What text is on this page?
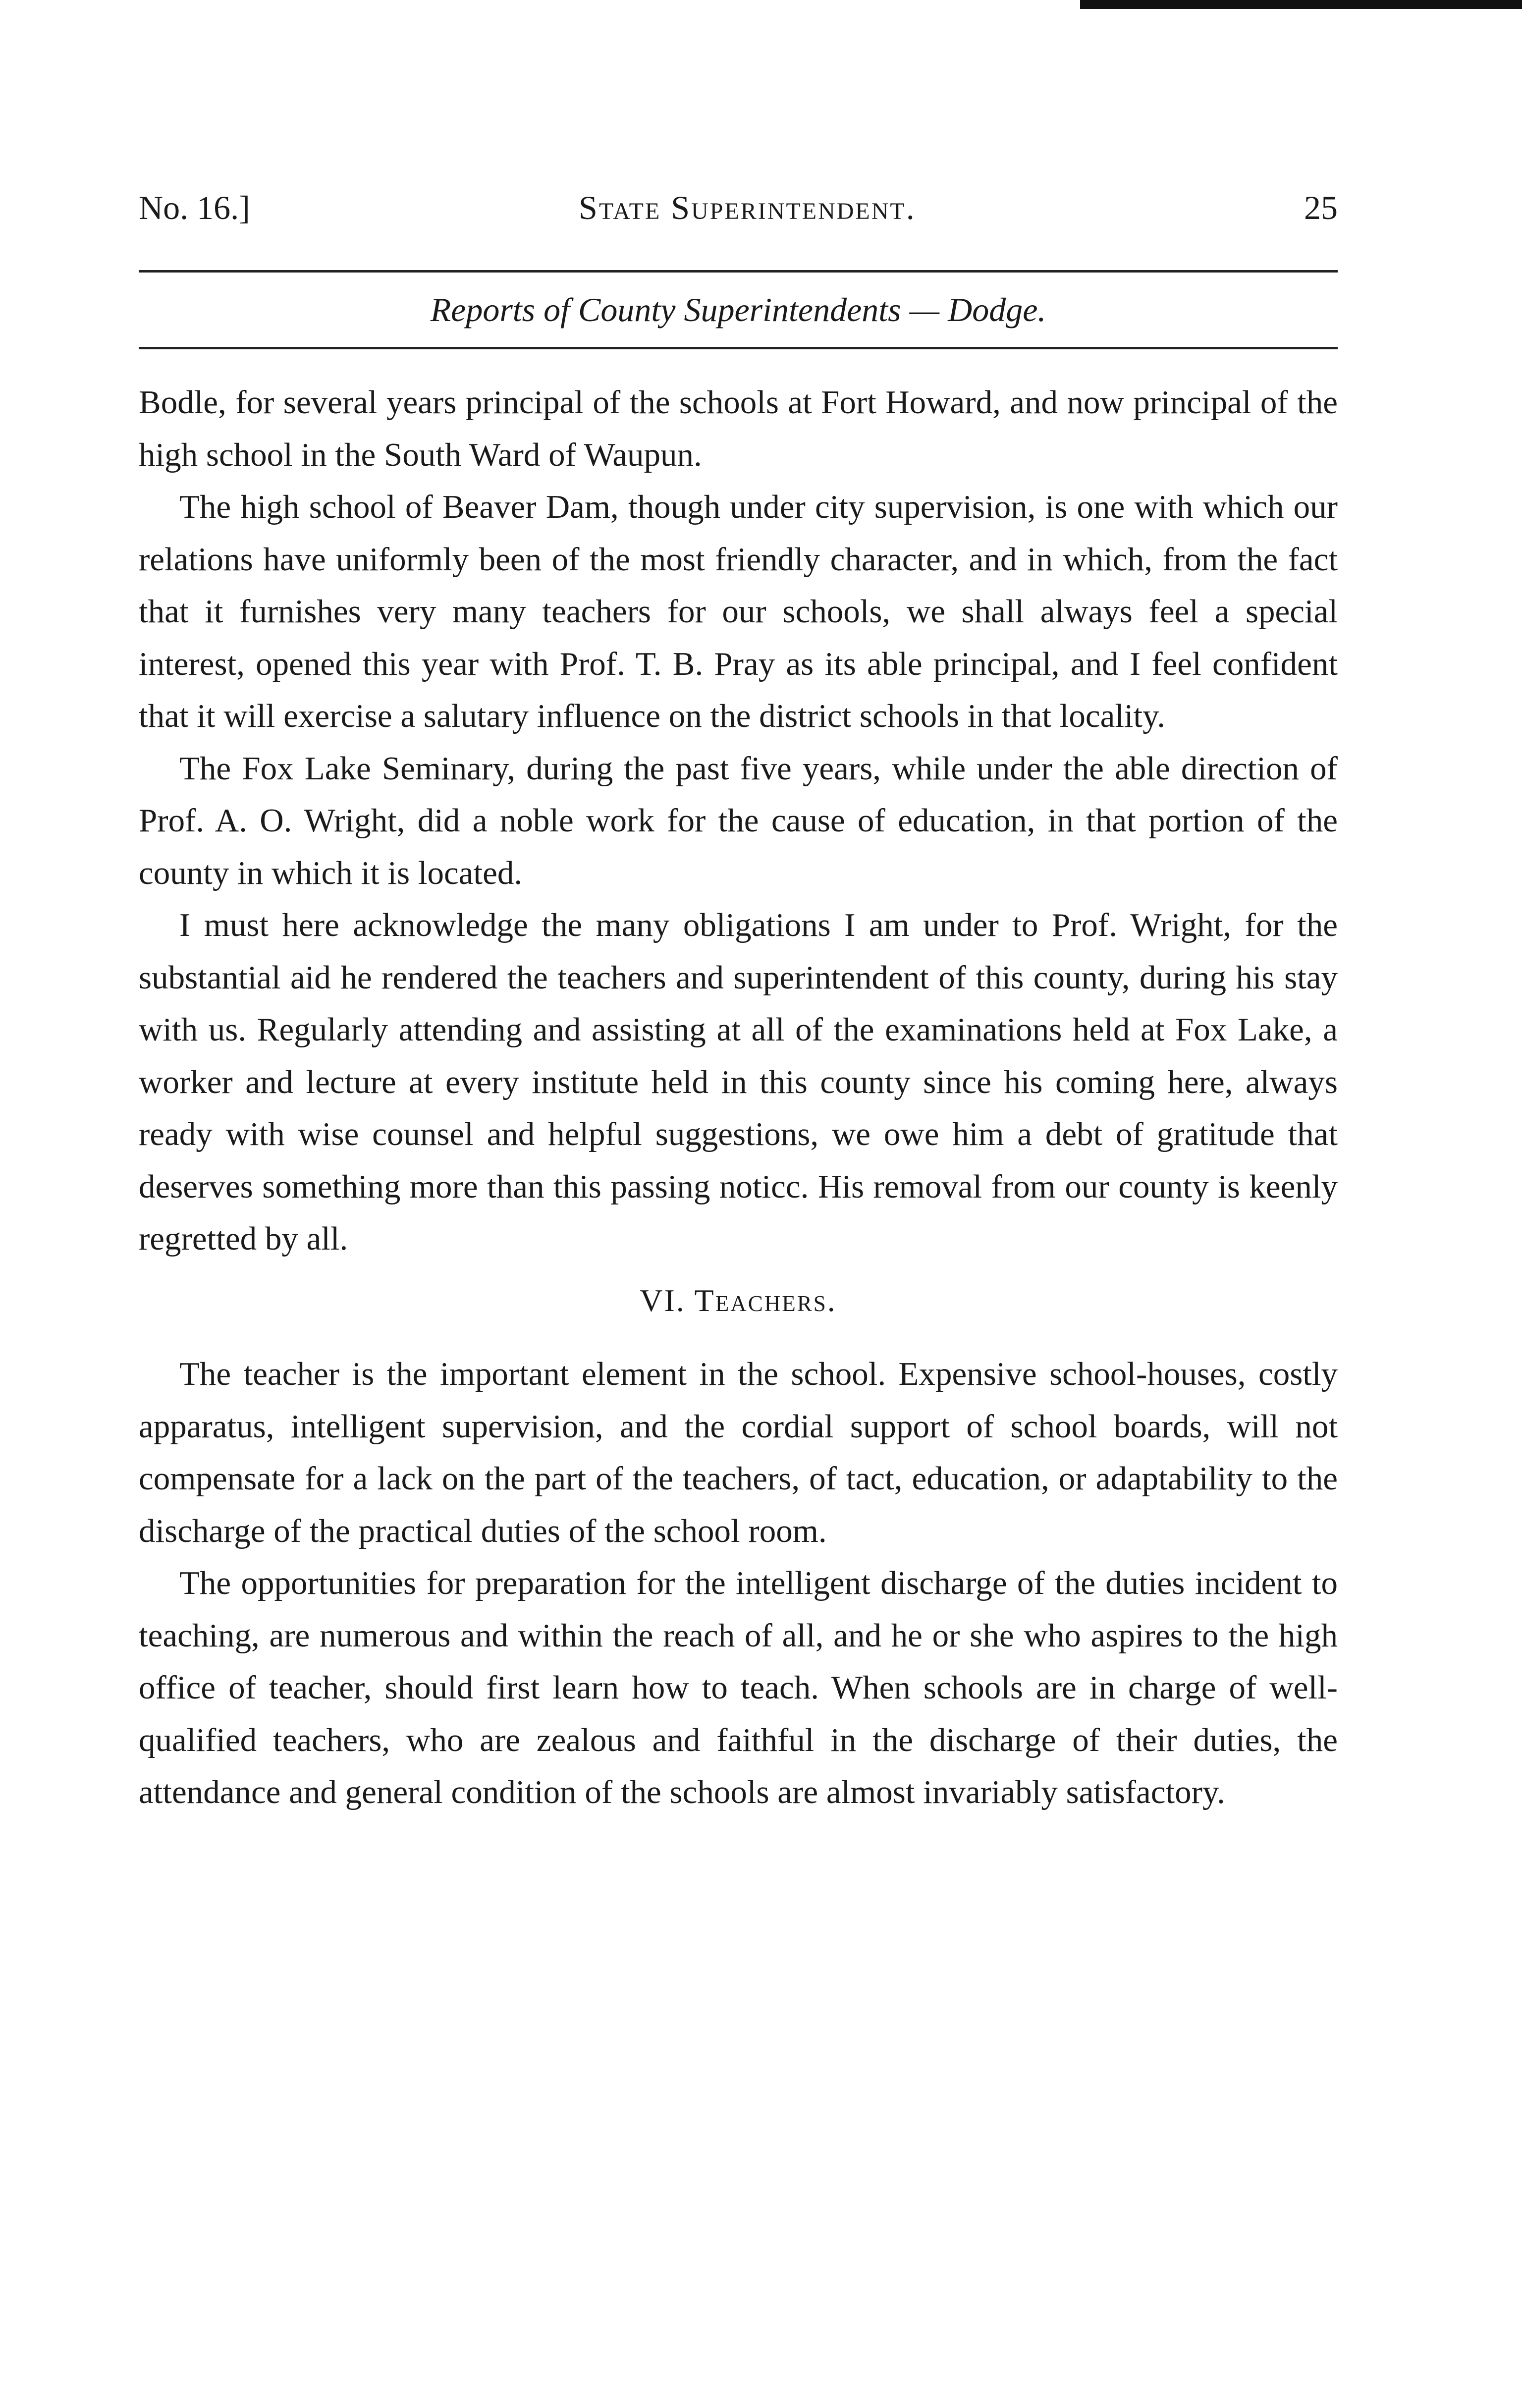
No. 16.]	State Superintendent.	25
Reports of County Superintendents — Dodge.

Bodle, for several years principal of the schools at Fort Howard, and now principal of the high school in the South Ward of Waupun.

The high school of Beaver Dam, though under city supervision, is one with which our relations have uniformly been of the most friendly character, and in which, from the fact that it furnishes very many teachers for our schools, we shall always feel a special interest, opened this year with Prof. T. B. Pray as its able principal, and I feel confident that it will exercise a salutary influence on the district schools in that locality.

The Fox Lake Seminary, during the past five years, while under the able direction of Prof. A. O. Wright, did a noble work for the cause of education, in that portion of the county in which it is located.

I must here acknowledge the many obligations I am under to Prof. Wright, for the substantial aid he rendered the teachers and superintendent of this county, during his stay with us. Regularly attending and assisting at all of the examinations held at Fox Lake, a worker and lecture at every institute held in this county since his coming here, always ready with wise counsel and helpful suggestions, we owe him a debt of gratitude that deserves something more than this passing noticc. His removal from our county is keenly regretted by all.

VI. Teachers.

The teacher is the important element in the school. Expensive school-houses, costly apparatus, intelligent supervision, and the cordial support of school boards, will not compensate for a lack on the part of the teachers, of tact, education, or adaptability to the discharge of the practical duties of the school room.

The opportunities for preparation for the intelligent discharge of the duties incident to teaching, are numerous and within the reach of all, and he or she who aspires to the high office of teacher, should first learn how to teach. When schools are in charge of well-qualified teachers, who are zealous and faithful in the discharge of their duties, the attendance and general condition of the schools are almost invariably satisfactory.
